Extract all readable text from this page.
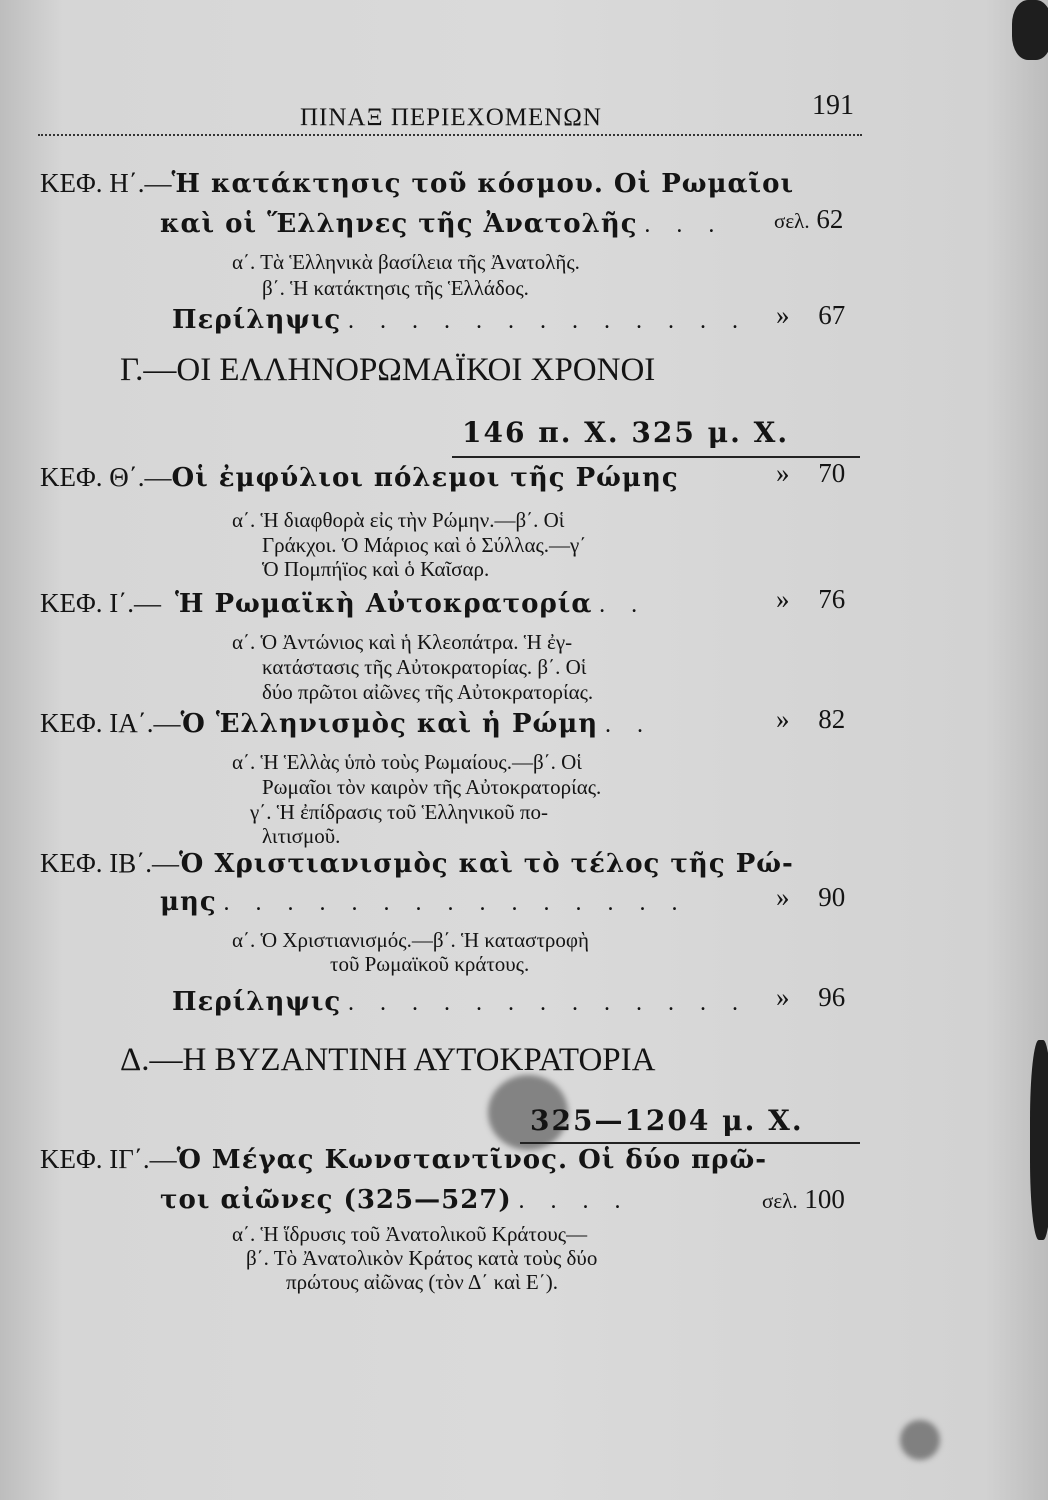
ΠΙΝΑΞ ΠΕΡΙΕΧΟΜΕΝΩΝ	191
ΚΕΦ. Η΄.—Ἡ κατάκτησις τοῦ κόσμου. Οἱ Ρωμαῖοι
καὶ οἱ Ἕλληνες τῆς Ἀνατολῆς . . . σελ. 62
α΄. Τὰ Ἑλληνικὰ βασίλεια τῆς Ἀνατολῆς.
β΄. Ἡ κατάκτησις τῆς Ἑλλάδος.
Περίληψις . . . . . . . . . . . . . » 67
Γ.—ΟΙ ΕΛΛΗΝΟΡΩΜΑΪΚΟΙ ΧΡΟΝΟΙ
146 π. Χ. 325 μ. Χ.
ΚΕΦ. Θ΄.—Οἱ ἐμφύλιοι πόλεμοι τῆς Ρώμης	» 70
α΄. Ἡ διαφθορὰ εἰς τὴν Ρώμην.—β΄. Οἱ
Γράκχοι. Ὁ Μάριος καὶ ὁ Σύλλας.—γ΄
Ὁ Πομπήϊος καὶ ὁ Καῖσαρ.
ΚΕΦ. Ι΄.— Ἡ Ρωμαϊκὴ Αὐτοκρατορία . .	» 76
α΄. Ὁ Ἀντώνιος καὶ ἡ Κλεοπάτρα. Ἡ ἐγ-
κατάστασις τῆς Αὐτοκρατορίας. β΄. Οἱ
δύο πρῶτοι αἰῶνες τῆς Αὐτοκρατορίας.
ΚΕΦ. ΙΑ΄.—Ὁ Ἑλληνισμὸς καὶ ἡ Ρώμη . .	» 82
α΄. Ἡ Ἑλλὰς ὑπὸ τοὺς Ρωμαίους.—β΄. Οἱ
Ρωμαῖοι τὸν καιρὸν τῆς Αὐτοκρατορίας.
γ΄. Ἡ ἐπίδρασις τοῦ Ἑλληνικοῦ πο-
λιτισμοῦ.
ΚΕΦ. ΙΒ΄.—Ὁ Χριστιανισμὸς καὶ τὸ τέλος τῆς Ρώ-
μης . . . . . . . . . . . . . . .	» 90
α΄. Ὁ Χριστιανισμός.—β΄. Ἡ καταστροφὴ
τοῦ Ρωμαϊκοῦ κράτους.
Περίληψις . . . . . . . . . . . . . » 96
Δ.—Η ΒΥΖΑΝΤΙΝΗ ΑΥΤΟΚΡΑΤΟΡΙΑ
325—1204 μ. Χ.
ΚΕΦ. ΙΓ΄.—Ὁ Μέγας Κωνσταντῖνος. Οἱ δύο πρῶ-
τοι αἰῶνες (325—527) . . . .	σελ. 100
α΄. Ἡ ἵδρυσις τοῦ Ἀνατολικοῦ Κράτους—
β΄. Τὸ Ἀνατολικὸν Κράτος κατὰ τοὺς δύο
πρώτους αἰῶνας (τὸν Δ΄ καὶ Ε΄).
